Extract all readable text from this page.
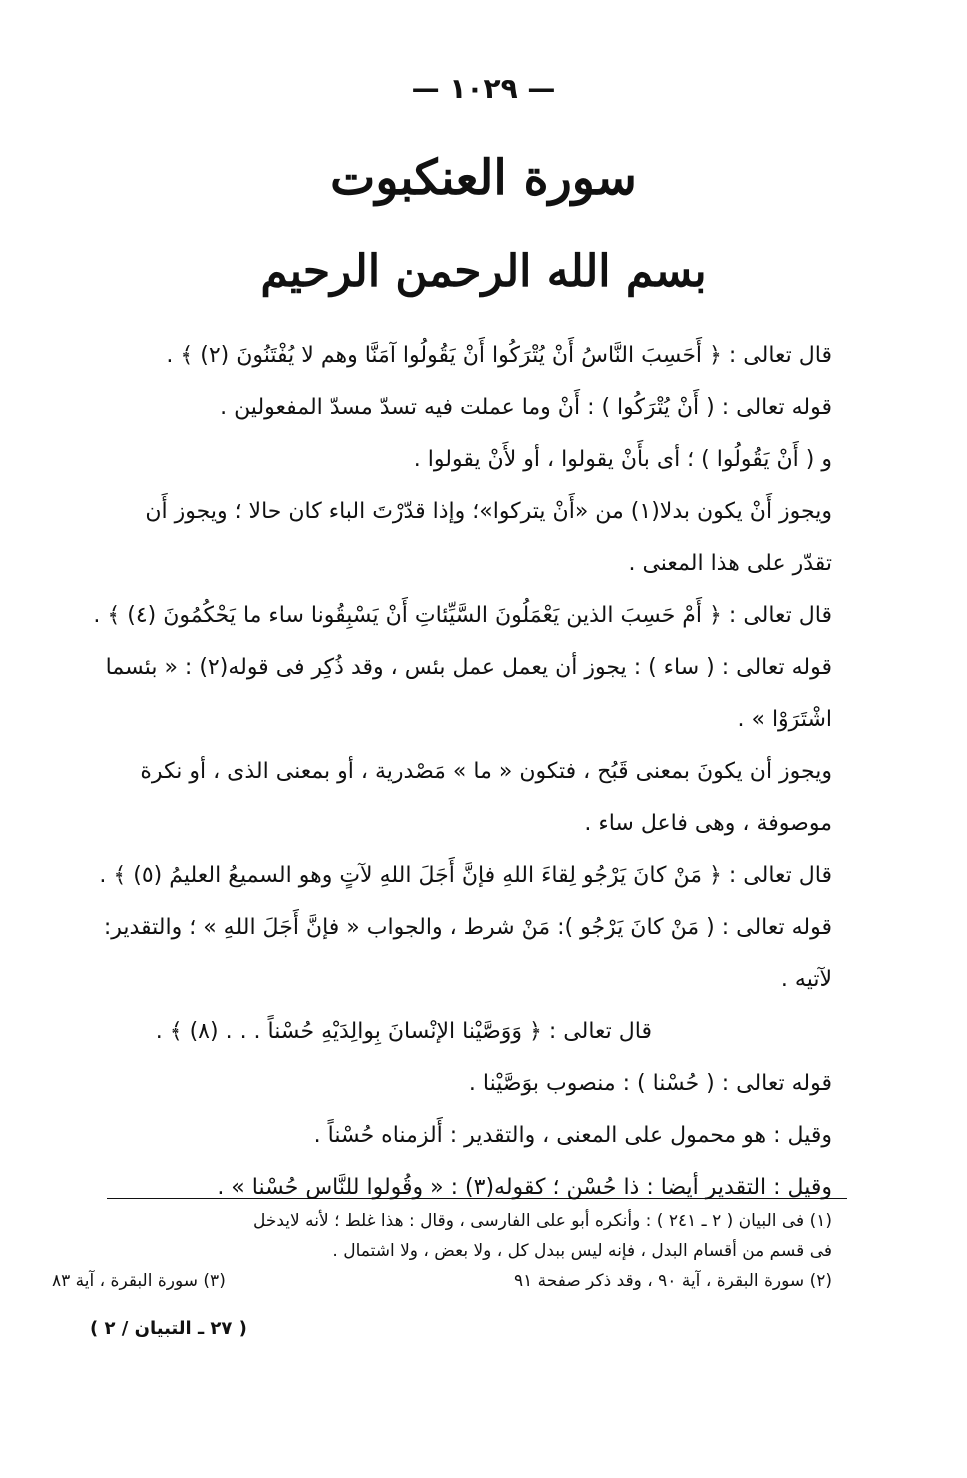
— ١٠٢٩ —
سورة العنكبوت
بسم الله الرحمن الرحيم
قال تعالى : ﴿ أَحَسِبَ النَّاسُ أَنْ يُتْرَكُوا أَنْ يَقُولُوا آمَنَّا وهم لا يُفْتَنُونَ (٢) ﴾ .
قوله تعالى : ( أَنْ يُتْرَكُوا ) : أَنْ وما عملت فيه تسدّ مسدّ المفعولين .
و ( أَنْ يَقُولُوا ) ؛ أى بأَنْ يقولوا ، أو لأَنْ يقولوا .
ويجوز أَنْ يكون بدلا(١) من «أَنْ يتركوا»؛ وإذا قدّرْتَ الباء كان حالا ؛ ويجوز أَن
تقدّر على هذا المعنى .
قال تعالى : ﴿ أَمْ حَسِبَ الذين يَعْمَلُونَ السَّيِّئاتِ أَنْ يَسْبِقُونا ساء ما يَحْكُمُونَ (٤) ﴾ .
قوله تعالى : ( ساء ) : يجوز أن يعمل عمل بئس ، وقد ذُكِر فى قوله(٢) : « بئسما
اشْتَرَوْا » .
ويجوز أن يكونَ بمعنى قَبُح ، فتكون « ما » مَصْدرية ، أو بمعنى الذى ، أو نكرة
موصوفة ، وهى فاعل ساء .
قال تعالى : ﴿ مَنْ كانَ يَرْجُو لِقاءَ اللهِ فإنَّ أَجَلَ اللهِ لآتٍ وهو السميعُ العليمُ (٥) ﴾ .
قوله تعالى : ( مَنْ كانَ يَرْجُو ): مَنْ شرط ، والجواب « فإنَّ أَجَلَ اللهِ » ؛ والتقدير:
لآتيه .
قال تعالى : ﴿ وَوَصَّيْنا الإنْسانَ بِوالِدَيْهِ حُسْناً . . . (٨) ﴾ .
قوله تعالى : ( حُسْنا ) : منصوب بوَصَّيْنا .
وقيل : هو محمول على المعنى ، والتقدير : أَلزمناه حُسْناً .
وقيل : التقدير أيضا : ذا حُسْن ؛ كقوله(٣) : « وقُولوا للنَّاس حُسْنا » .
(١) فى البيان ( ٢ ـ ٢٤١ ) : وأنكره أبو على الفارسى ، وقال : هذا غلط ؛ لأنه لايدخل
فى قسم من أقسام البدل ، فإنه ليس ببدل كل ، ولا بعض ، ولا اشتمال .
(٢) سورة البقرة ، آية ٩٠ ، وقد ذكر صفحة ٩١
(٣) سورة البقرة ، آية ٨٣
( ٢٧ ـ التبيان / ٢ )
